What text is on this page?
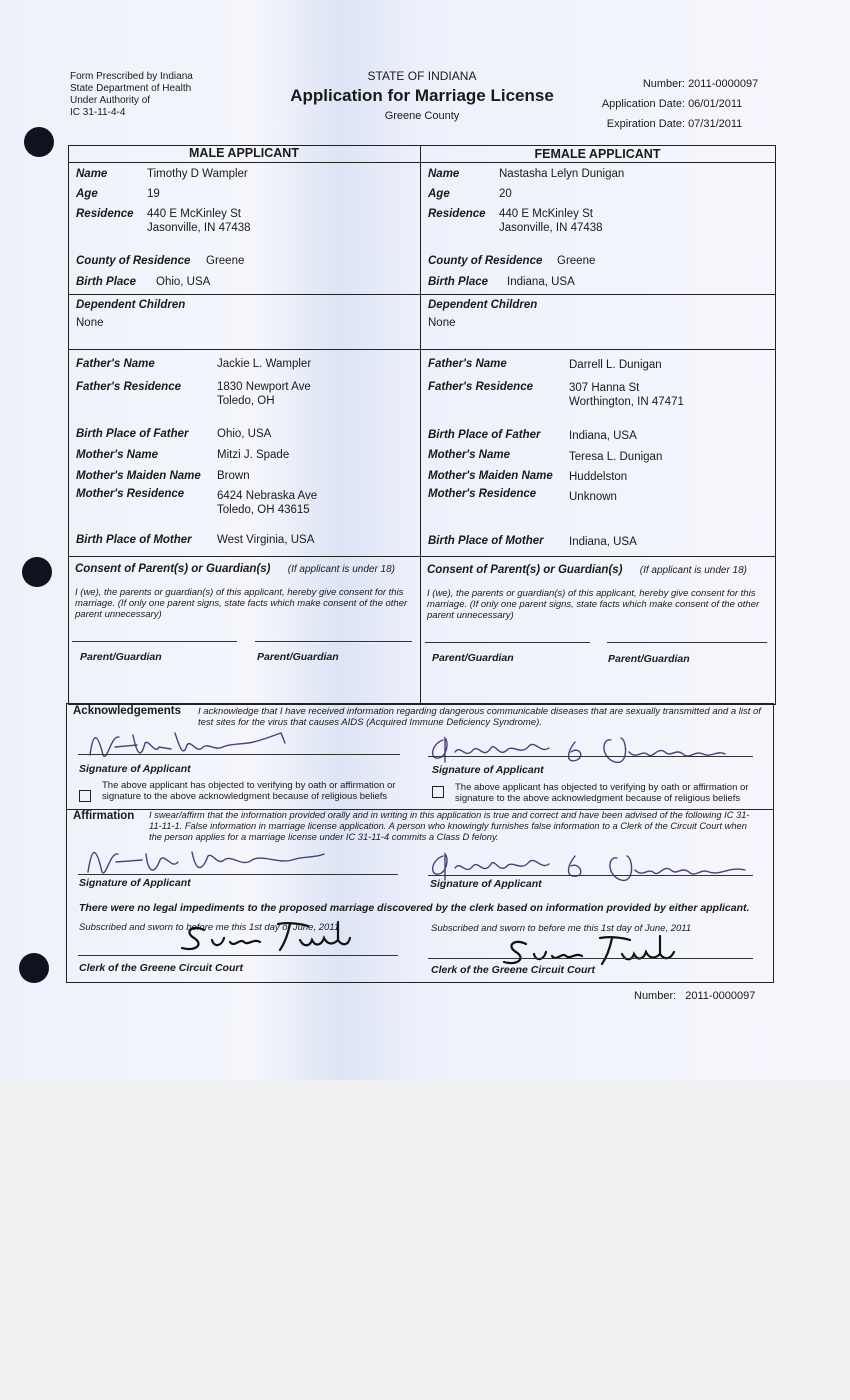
Form Prescribed by Indiana
State Department of Health
Under Authority of
IC 31-11-4-4
STATE OF INDIANA
Application for Marriage License
Greene County
Number: 2011-0000097
Application Date: 06/01/2011
Expiration Date: 07/31/2011
MALE APPLICANT	FEMALE APPLICANT
Name	Timothy D Wampler
Age	19
Residence 440 E McKinley St
Jasonville, IN 47438
County of Residence Greene
Birth Place Ohio, USA
Dependent Children
None
Father's Name	Jackie L. Wampler
Father's Residence	1830 Newport Ave
Toledo, OH
Birth Place of Father Ohio, USA
Mother's Name	Mitzi J. Spade
Mother's Maiden Name Brown
Mother's Residence	6424 Nebraska Ave
Toledo, OH 43615
Birth Place of Mother West Virginia, USA
Name	Nastasha Lelyn Dunigan
Age	20
Residence 440 E McKinley St
Jasonville, IN 47438
County of Residence Greene
Birth Place Indiana, USA
Dependent Children
None
Father's Name	Darrell L. Dunigan
Father's Residence	307 Hanna St
Worthington, IN 47471
Birth Place of Father Indiana, USA
Mother's Name	Teresa L. Dunigan
Mother's Maiden Name Huddelston
Mother's Residence	Unknown
Birth Place of Mother Indiana, USA
Consent of Parent(s) or Guardian(s) (If applicant is under 18)
I (we), the parents or guardian(s) of this applicant, hereby give consent for this marriage. (If only one parent signs, state facts which make consent of the other parent unnecessary)
Parent/Guardian	Parent/Guardian
Consent of Parent(s) or Guardian(s) (If applicant is under 18)
I (we), the parents or guardian(s) of this applicant, hereby give consent for this marriage. (If only one parent signs, state facts which make consent of the other parent unnecessary)
Parent/Guardian	Parent/Guardian
Acknowledgements I acknowledge that I have received information regarding dangerous communicable diseases that are sexually transmitted and a list of test sites for the virus that causes AIDS (Acquired Immune Deficiency Syndrome).
Signature of Applicant
The above applicant has objected to verifying by oath or affirmation or signature to the above acknowledgment because of religious beliefs
Signature of Applicant
The above applicant has objected to verifying by oath or affirmation or signature to the above acknowledgment because of religious beliefs
Affirmation I swear/affirm that the information provided orally and in writing in this application is true and correct and have been advised of the following IC 31-11-11-1. False information in marriage license application. A person who knowingly furnishes false information to a Clerk of the Circuit Court when the person applies for a marriage license under IC 31-11-4 commits a Class D felony.
Signature of Applicant	Signature of Applicant
There were no legal impediments to the proposed marriage discovered by the clerk based on information provided by either applicant.
Subscribed and sworn to before me this 1st day of June, 2011
Clerk of the Greene Circuit Court
Subscribed and sworn to before me this 1st day of June, 2011
Clerk of the Greene Circuit Court
Number: 2011-0000097
